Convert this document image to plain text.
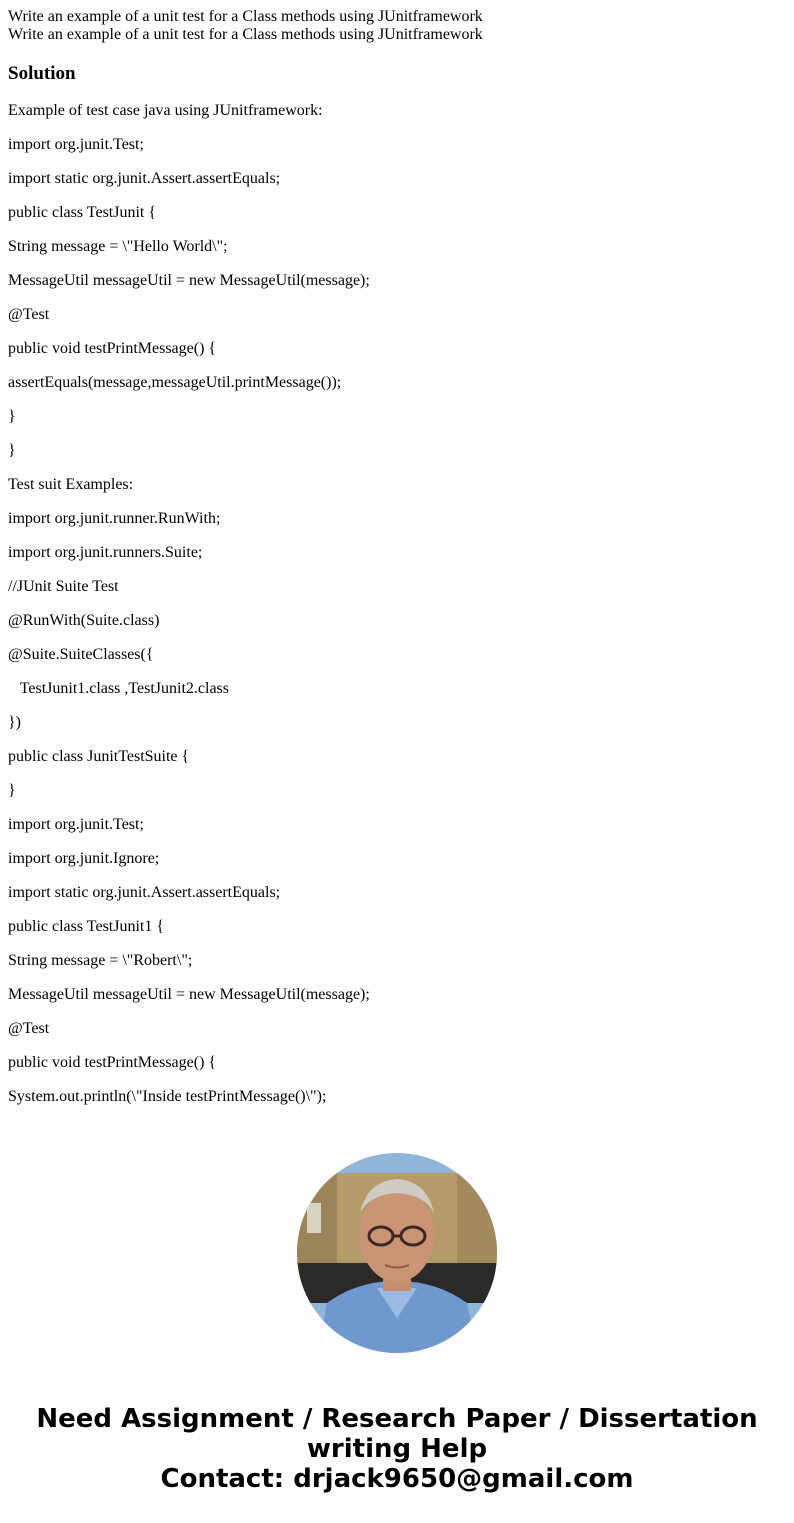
Write an example of a unit test for a Class methods using JUnitframework
Write an example of a unit test for a Class methods using JUnitframework
Solution
Example of test case java using JUnitframework:
import org.junit.Test;
import static org.junit.Assert.assertEquals;
public class TestJunit {
String message = \"Hello World\";
MessageUtil messageUtil = new MessageUtil(message);
@Test
public void testPrintMessage() {
assertEquals(message,messageUtil.printMessage());
}
}
Test suit Examples:
import org.junit.runner.RunWith;
import org.junit.runners.Suite;
//JUnit Suite Test
@RunWith(Suite.class)
@Suite.SuiteClasses({
TestJunit1.class ,TestJunit2.class
})
public class JunitTestSuite {
}
import org.junit.Test;
import org.junit.Ignore;
import static org.junit.Assert.assertEquals;
public class TestJunit1 {
String message = \"Robert\";
MessageUtil messageUtil = new MessageUtil(message);
@Test
public void testPrintMessage() {
System.out.println(\"Inside testPrintMessage()\");
Need Assignment / Research Paper / Dissertation
writing Help
Contact: drjack9650@gmail.com
